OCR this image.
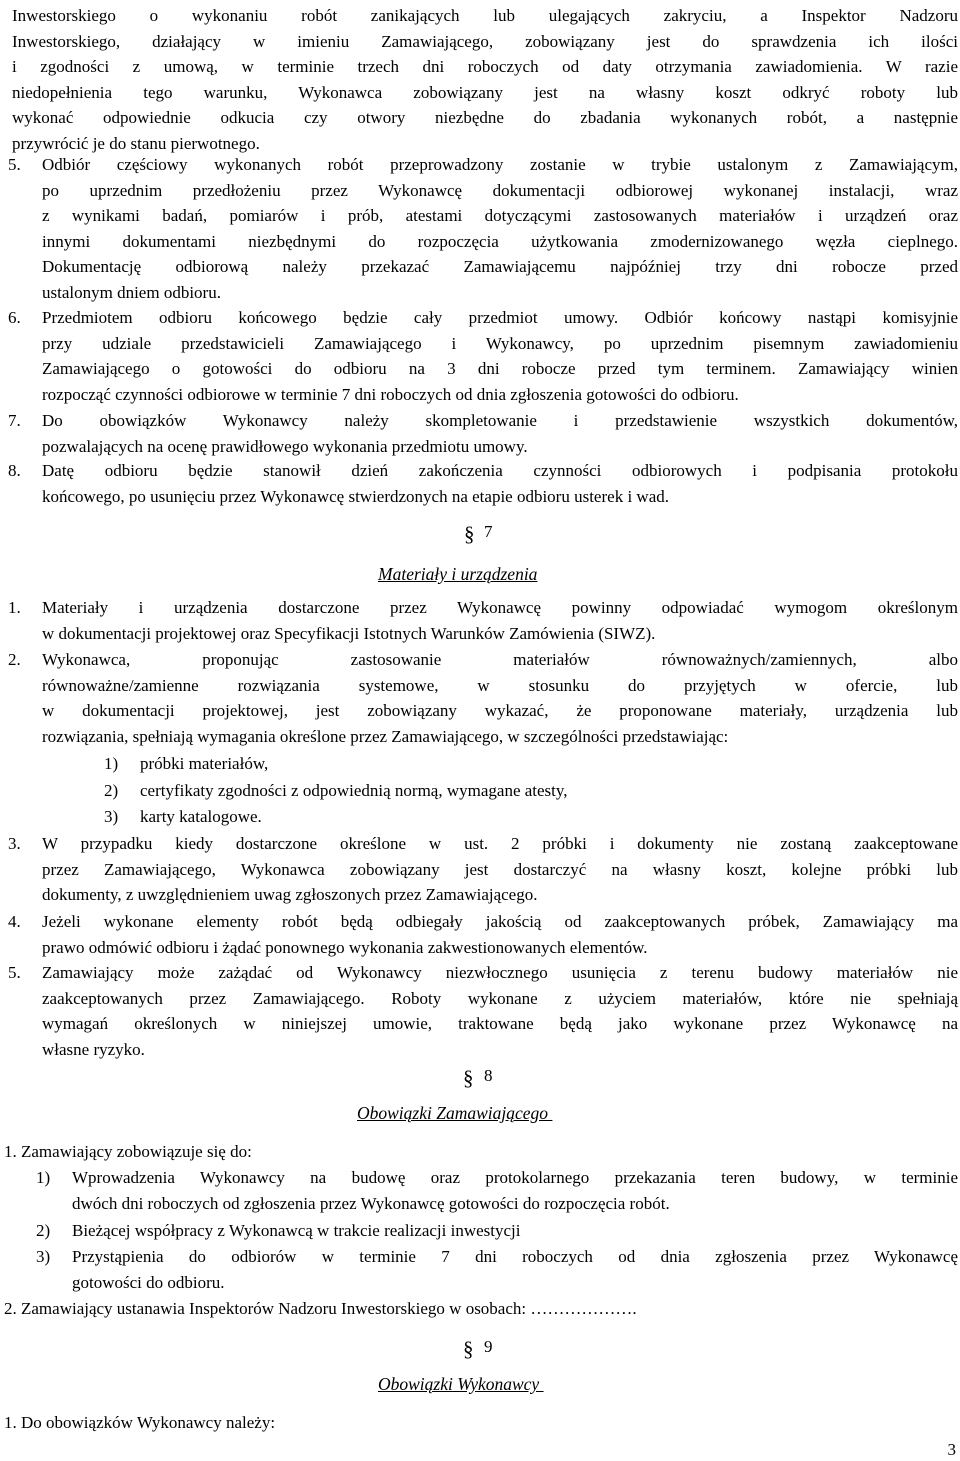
Inwestorskiego o wykonaniu robót zanikających lub ulegających zakryciu, a Inspektor Nadzoru
Inwestorskiego, działający w imieniu Zamawiającego, zobowiązany jest do sprawdzenia ich ilości
i zgodności z umową, w terminie trzech dni roboczych od daty otrzymania zawiadomienia. W razie
niedopełnienia tego warunku, Wykonawca zobowiązany jest na własny koszt odkryć roboty lub
wykonać odpowiednie odkucia czy otwory niezbędne do zbadania wykonanych robót, a następnie
przywrócić je do stanu pierwotnego.
5. Odbiór częściowy wykonanych robót przeprowadzony zostanie w trybie ustalonym z Zamawiającym,
po uprzednim przedłożeniu przez Wykonawcę dokumentacji odbiorowej wykonanej instalacji, wraz
z wynikami badań, pomiarów i prób, atestami dotyczącymi zastosowanych materiałów i urządzeń oraz
innymi dokumentami niezbędnymi do rozpoczęcia użytkowania zmodernizowanego węzła cieplnego.
Dokumentację odbiorową należy przekazać Zamawiającemu najpóźniej trzy dni robocze przed
ustalonym dniem odbioru.
6. Przedmiotem odbioru końcowego będzie cały przedmiot umowy. Odbiór końcowy nastąpi komisyjnie
przy udziale przedstawicieli Zamawiającego i Wykonawcy, po uprzednim pisemnym zawiadomieniu
Zamawiającego o gotowości do odbioru na 3 dni robocze przed tym terminem. Zamawiający winien
rozpocząć czynności odbiorowe w terminie 7 dni roboczych od dnia zgłoszenia gotowości do odbioru.
7. Do obowiązków Wykonawcy należy skompletowanie i przedstawienie wszystkich dokumentów,
pozwalających na ocenę prawidłowego wykonania przedmiotu umowy.
8. Datę odbioru będzie stanowił dzień zakończenia czynności odbiorowych i podpisania protokołu
końcowego, po usunięciu przez Wykonawcę stwierdzonych na etapie odbioru usterek i wad.
1. Materiały i urządzenia dostarczone przez Wykonawcę powinny odpowiadać wymogom określonym
w dokumentacji projektowej oraz Specyfikacji Istotnych Warunków Zamówienia (SIWZ).
2. Wykonawca, proponując zastosowanie materiałów równoważnych/zamiennych, albo
równoważne/zamienne rozwiązania systemowe, w stosunku do przyjętych w ofercie, lub
w dokumentacji projektowej, jest zobowiązany wykazać, że proponowane materiały, urządzenia lub
rozwiązania, spełniają wymagania określone przez Zamawiającego, w szczególności przedstawiając:
1) próbki materiałów,
2) certyfikaty zgodności z odpowiednią normą, wymagane atesty,
3) karty katalogowe.
3. W przypadku kiedy dostarczone określone w ust. 2 próbki i dokumenty nie zostaną zaakceptowane
przez Zamawiającego, Wykonawca zobowiązany jest dostarczyć na własny koszt, kolejne próbki lub
dokumenty, z uwzględnieniem uwag zgłoszonych przez Zamawiającego.
4. Jeżeli wykonane elementy robót będą odbiegały jakością od zaakceptowanych próbek, Zamawiający ma
prawo odmówić odbioru i żądać ponownego wykonania zakwestionowanych elementów.
5. Zamawiający może zażądać od Wykonawcy niezwłocznego usunięcia z terenu budowy materiałów nie
zaakceptowanych przez Zamawiającego. Roboty wykonane z użyciem materiałów, które nie spełniają
wymagań określonych w niniejszej umowie, traktowane będą jako wykonane przez Wykonawcę na
własne ryzyko.
1. Zamawiający zobowiązuje się do:
1) Wprowadzenia Wykonawcy na budowę oraz protokolarnego przekazania teren budowy, w terminie
dwóch dni roboczych od zgłoszenia przez Wykonawcę gotowości do rozpoczęcia robót.
2) Bieżącej współpracy z Wykonawcą w trakcie realizacji inwestycji
3) Przystąpienia do odbiorów w terminie 7 dni roboczych od dnia zgłoszenia przez Wykonawcę
gotowości do odbioru.
2. Zamawiający ustanawia Inspektorów Nadzoru Inwestorskiego w osobach: ……………….
1. Do obowiązków Wykonawcy należy:
§ 7
Materiały i urządzenia
§ 8
Obowiązki Zamawiającego
§ 9
Obowiązki Wykonawcy
3
